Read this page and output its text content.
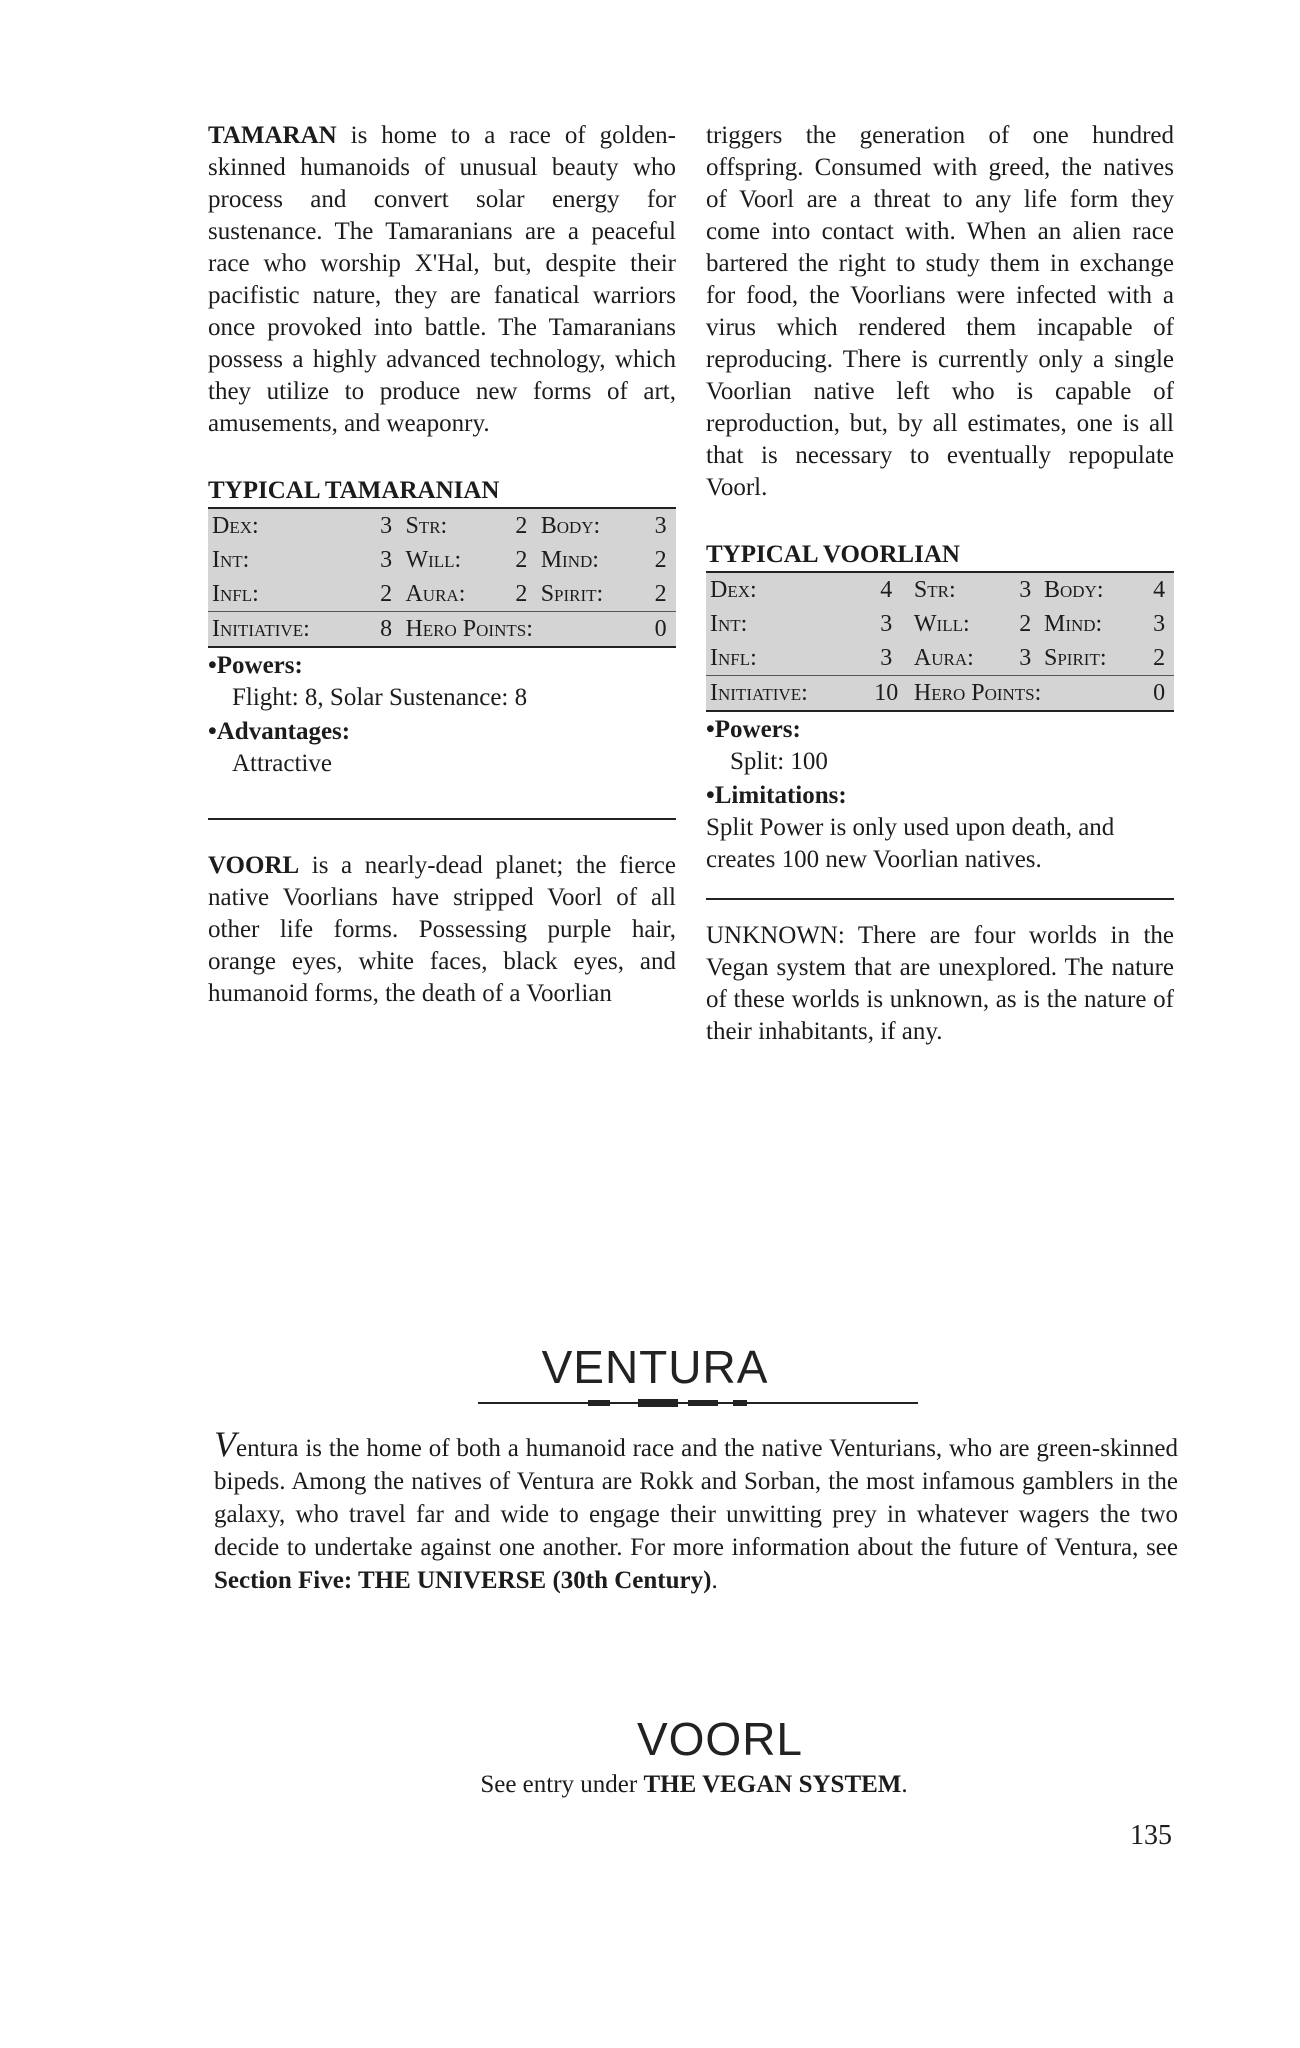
TAMARAN is home to a race of golden-skinned humanoids of unusual beauty who process and convert solar energy for sustenance. The Tamaranians are a peaceful race who worship X'Hal, but, despite their pacifistic nature, they are fanatical warriors once provoked into battle. The Tamaranians possess a highly advanced technology, which they utilize to produce new forms of art, amusements, and weaponry.

TYPICAL TAMARANIAN
Dex:	3	Str:	2	Body:	3
Int:	3	Will:	2	Mind:	2
Infl:	2	Aura:	2	Spirit:	2
Initiative:	8	Hero Points:			0
•Powers:
Flight: 8, Solar Sustenance: 8
•Advantages:
Attractive

VOORL is a nearly-dead planet; the fierce native Voorlians have stripped Voorl of all other life forms. Possessing purple hair, orange eyes, white faces, black eyes, and humanoid forms, the death of a Voorlian

triggers the generation of one hundred offspring. Consumed with greed, the natives of Voorl are a threat to any life form they come into contact with. When an alien race bartered the right to study them in exchange for food, the Voorlians were infected with a virus which rendered them incapable of reproducing. There is currently only a single Voorlian native left who is capable of reproduction, but, by all estimates, one is all that is necessary to eventually repopulate Voorl.

TYPICAL VOORLIAN
Dex:	4	Str:	3	Body:	4
Int:	3	Will:	2	Mind:	3
Infl:	3	Aura:	3	Spirit:	2
Initiative:	10	Hero Points:			0
•Powers:
Split: 100
•Limitations:
Split Power is only used upon death, and creates 100 new Voorlian natives.

UNKNOWN: There are four worlds in the Vegan system that are unexplored. The nature of these worlds is unknown, as is the nature of their inhabitants, if any.

VENTURA

Ventura is the home of both a humanoid race and the native Venturians, who are green-skinned bipeds. Among the natives of Ventura are Rokk and Sorban, the most infamous gamblers in the galaxy, who travel far and wide to engage their unwitting prey in whatever wagers the two decide to undertake against one another. For more information about the future of Ventura, see Section Five: THE UNIVERSE (30th Century).

VOORL

See entry under THE VEGAN SYSTEM.

135
